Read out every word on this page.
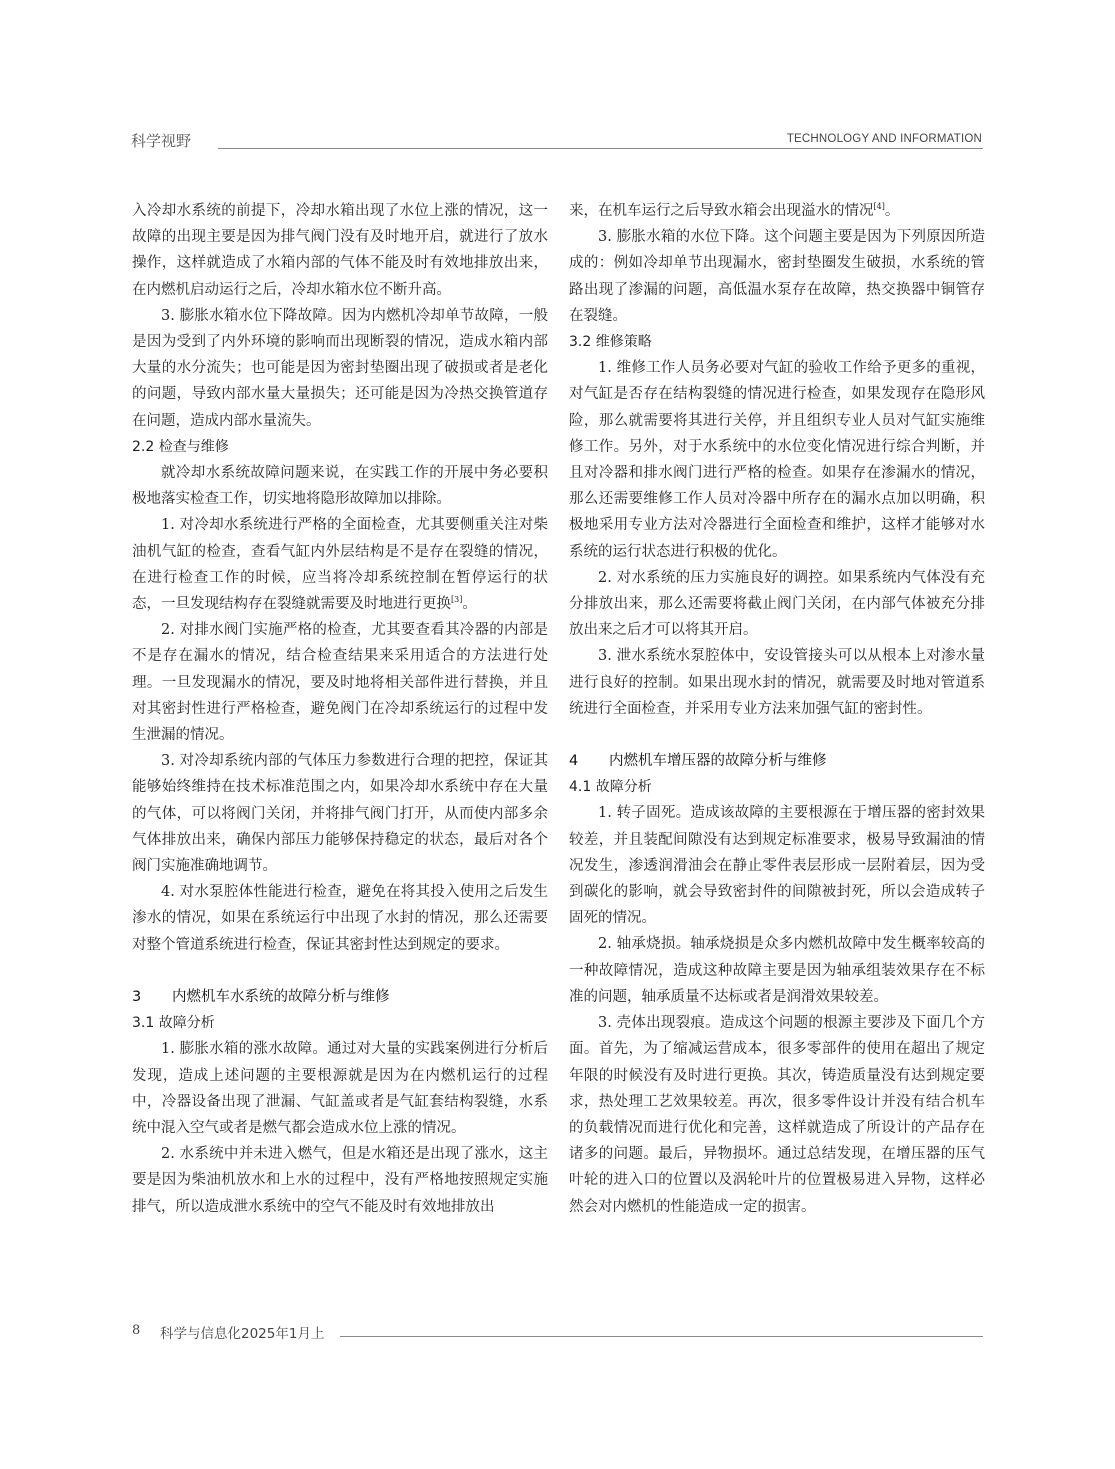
科学视野	TECHNOLOGY AND INFORMATION

入冷却水系统的前提下，冷却水箱出现了水位上涨的情况，这一故障的出现主要是因为排气阀门没有及时地开启，就进行了放水操作，这样就造成了水箱内部的气体不能及时有效地排放出来，在内燃机启动运行之后，冷却水箱水位不断升高。

3. 膨胀水箱水位下降故障。因为内燃机冷却单节故障，一般是因为受到了内外环境的影响而出现断裂的情况，造成水箱内部大量的水分流失；也可能是因为密封垫圈出现了破损或者是老化的问题，导致内部水量大量损失；还可能是因为冷热交换管道存在问题，造成内部水量流失。

2.2 检查与维修

就冷却水系统故障问题来说，在实践工作的开展中务必要积极地落实检查工作，切实地将隐形故障加以排除。

1. 对冷却水系统进行严格的全面检查，尤其要侧重关注对柴油机气缸的检查，查看气缸内外层结构是不是存在裂缝的情况，在进行检查工作的时候，应当将冷却系统控制在暂停运行的状态，一旦发现结构存在裂缝就需要及时地进行更换[3]。

2. 对排水阀门实施严格的检查，尤其要查看其冷器的内部是不是存在漏水的情况，结合检查结果来采用适合的方法进行处理。一旦发现漏水的情况，要及时地将相关部件进行替换，并且对其密封性进行严格检查，避免阀门在冷却系统运行的过程中发生泄漏的情况。

3. 对冷却系统内部的气体压力参数进行合理的把控，保证其能够始终维持在技术标准范围之内，如果冷却水系统中存在大量的气体，可以将阀门关闭，并将排气阀门打开，从而使内部多余气体排放出来，确保内部压力能够保持稳定的状态，最后对各个阀门实施准确地调节。

4. 对水泵腔体性能进行检查，避免在将其投入使用之后发生渗水的情况，如果在系统运行中出现了水封的情况，那么还需要对整个管道系统进行检查，保证其密封性达到规定的要求。

3 内燃机车水系统的故障分析与维修

3.1 故障分析

1. 膨胀水箱的涨水故障。通过对大量的实践案例进行分析后发现，造成上述问题的主要根源就是因为在内燃机运行的过程中，冷器设备出现了泄漏、气缸盖或者是气缸套结构裂缝，水系统中混入空气或者是燃气都会造成水位上涨的情况。

2. 水系统中并未进入燃气，但是水箱还是出现了涨水，这主要是因为柴油机放水和上水的过程中，没有严格地按照规定实施排气，所以造成泄水系统中的空气不能及时有效地排放出

来，在机车运行之后导致水箱会出现溢水的情况[4]。

3. 膨胀水箱的水位下降。这个问题主要是因为下列原因所造成的：例如冷却单节出现漏水，密封垫圈发生破损，水系统的管路出现了渗漏的问题，高低温水泵存在故障，热交换器中铜管存在裂缝。

3.2 维修策略

1. 维修工作人员务必要对气缸的验收工作给予更多的重视，对气缸是否存在结构裂缝的情况进行检查，如果发现存在隐形风险，那么就需要将其进行关停，并且组织专业人员对气缸实施维修工作。另外，对于水系统中的水位变化情况进行综合判断，并且对冷器和排水阀门进行严格的检查。如果存在渗漏水的情况，那么还需要维修工作人员对冷器中所存在的漏水点加以明确，积极地采用专业方法对冷器进行全面检查和维护，这样才能够对水系统的运行状态进行积极的优化。

2. 对水系统的压力实施良好的调控。如果系统内气体没有充分排放出来，那么还需要将截止阀门关闭，在内部气体被充分排放出来之后才可以将其开启。

3. 泄水系统水泵腔体中，安设管接头可以从根本上对渗水量进行良好的控制。如果出现水封的情况，就需要及时地对管道系统进行全面检查，并采用专业方法来加强气缸的密封性。

4 内燃机车增压器的故障分析与维修

4.1 故障分析

1. 转子固死。造成该故障的主要根源在于增压器的密封效果较差，并且装配间隙没有达到规定标准要求，极易导致漏油的情况发生，渗透润滑油会在静止零件表层形成一层附着层，因为受到碳化的影响，就会导致密封件的间隙被封死，所以会造成转子固死的情况。

2. 轴承烧损。轴承烧损是众多内燃机故障中发生概率较高的一种故障情况，造成这种故障主要是因为轴承组装效果存在不标准的问题，轴承质量不达标或者是润滑效果较差。

3. 壳体出现裂痕。造成这个问题的根源主要涉及下面几个方面。首先，为了缩减运营成本，很多零部件的使用在超出了规定年限的时候没有及时进行更换。其次，铸造质量没有达到规定要求，热处理工艺效果较差。再次，很多零件设计并没有结合机车的负载情况而进行优化和完善，这样就造成了所设计的产品存在诸多的问题。最后，异物损坏。通过总结发现，在增压器的压气叶轮的进入口的位置以及涡轮叶片的位置极易进入异物，这样必然会对内燃机的性能造成一定的损害。

8 科学与信息化2025年1月上
